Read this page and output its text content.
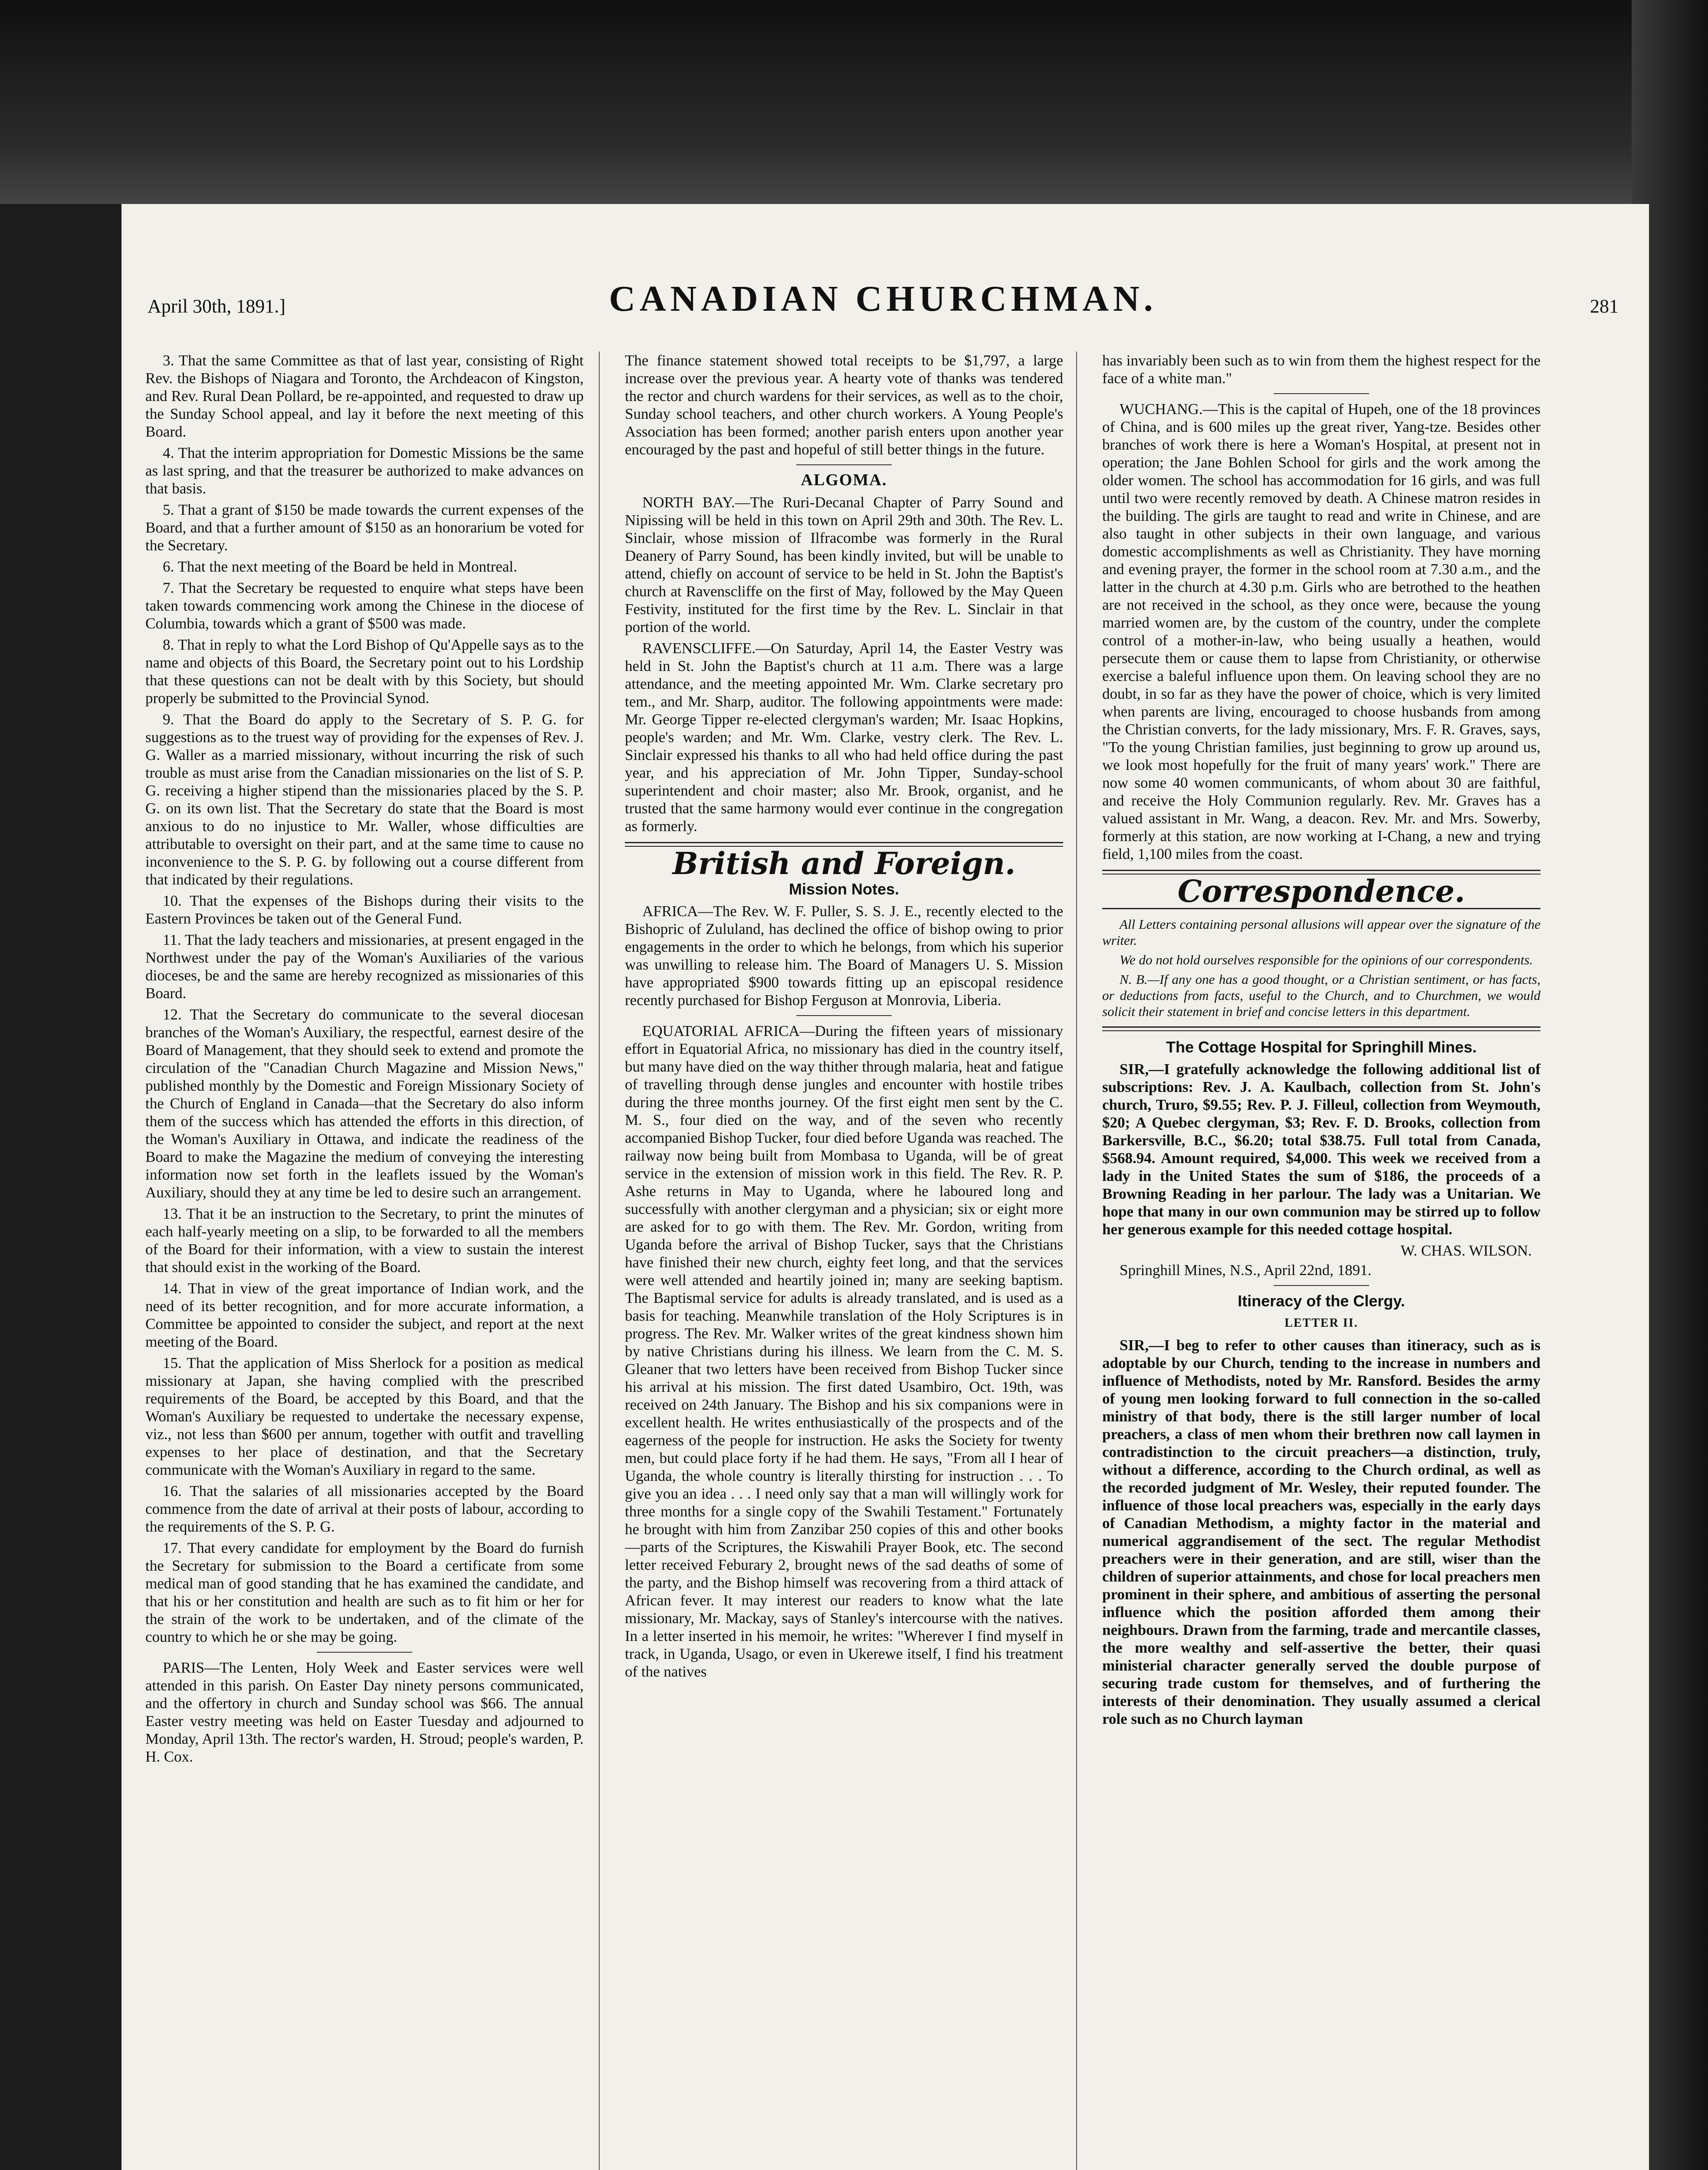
April 30th, 1891.]	CANADIAN CHURCHMAN.	281

3. That the same Committee as that of last year, consisting of Right Rev. the Bishops of Niagara and Toronto, the Archdeacon of Kingston, and Rev. Rural Dean Pollard, be re-appointed, and requested to draw up the Sunday School appeal, and lay it before the next meeting of this Board.

4. That the interim appropriation for Domestic Missions be the same as last spring, and that the treasurer be authorized to make advances on that basis.

5. That a grant of $150 be made towards the current expenses of the Board, and that a further amount of $150 as an honorarium be voted for the Secretary.

6. That the next meeting of the Board be held in Montreal.

7. That the Secretary be requested to enquire what steps have been taken towards commencing work among the Chinese in the diocese of Columbia, towards which a grant of $500 was made.

8. That in reply to what the Lord Bishop of Qu'Appelle says as to the name and objects of this Board, the Secretary point out to his Lordship that these questions can not be dealt with by this Society, but should properly be submitted to the Provincial Synod.

9. That the Board do apply to the Secretary of S. P. G. for suggestions as to the truest way of providing for the expenses of Rev. J. G. Waller as a married missionary, without incurring the risk of such trouble as must arise from the Canadian missionaries on the list of S. P. G. receiving a higher stipend than the missionaries placed by the S. P. G. on its own list. That the Secretary do state that the Board is most anxious to do no injustice to Mr. Waller, whose difficulties are attributable to oversight on their part, and at the same time to cause no inconvenience to the S. P. G. by following out a course different from that indicated by their regulations.

10. That the expenses of the Bishops during their visits to the Eastern Provinces be taken out of the General Fund.

11. That the lady teachers and missionaries, at present engaged in the Northwest under the pay of the Woman's Auxiliaries of the various dioceses, be and the same are hereby recognized as missionaries of this Board.

12. That the Secretary do communicate to the several diocesan branches of the Woman's Auxiliary, the respectful, earnest desire of the Board of Management, that they should seek to extend and promote the circulation of the "Canadian Church Magazine and Mission News," published monthly by the Domestic and Foreign Missionary Society of the Church of England in Canada—that the Secretary do also inform them of the success which has attended the efforts in this direction, of the Woman's Auxiliary in Ottawa, and indicate the readiness of the Board to make the Magazine the medium of conveying the interesting information now set forth in the leaflets issued by the Woman's Auxiliary, should they at any time be led to desire such an arrangement.

13. That it be an instruction to the Secretary, to print the minutes of each half-yearly meeting on a slip, to be forwarded to all the members of the Board for their information, with a view to sustain the interest that should exist in the working of the Board.

14. That in view of the great importance of Indian work, and the need of its better recognition, and for more accurate information, a Committee be appointed to consider the subject, and report at the next meeting of the Board.

15. That the application of Miss Sherlock for a position as medical missionary at Japan, she having complied with the prescribed requirements of the Board, be accepted by this Board, and that the Woman's Auxiliary be requested to undertake the necessary expense, viz., not less than $600 per annum, together with outfit and travelling expenses to her place of destination, and that the Secretary communicate with the Woman's Auxiliary in regard to the same.

16. That the salaries of all missionaries accepted by the Board commence from the date of arrival at their posts of labour, according to the requirements of the S. P. G.

17. That every candidate for employment by the Board do furnish the Secretary for submission to the Board a certificate from some medical man of good standing that he has examined the candidate, and that his or her constitution and health are such as to fit him or her for the strain of the work to be undertaken, and of the climate of the country to which he or she may be going.

PARIS—The Lenten, Holy Week and Easter services were well attended in this parish. On Easter Day ninety persons communicated, and the offertory in church and Sunday school was $66. The annual Easter vestry meeting was held on Easter Tuesday and adjourned to Monday, April 13th. The rector's warden, H. Stroud; people's warden, P. H. Cox.

The finance statement showed total receipts to be $1,797, a large increase over the previous year. A hearty vote of thanks was tendered the rector and church wardens for their services, as well as to the choir, Sunday school teachers, and other church workers. A Young People's Association has been formed; another parish enters upon another year encouraged by the past and hopeful of still better things in the future.

ALGOMA.

NORTH BAY.—The Ruri-Decanal Chapter of Parry Sound and Nipissing will be held in this town on April 29th and 30th. The Rev. L. Sinclair, whose mission of Ilfracombe was formerly in the Rural Deanery of Parry Sound, has been kindly invited, but will be unable to attend, chiefly on account of service to be held in St. John the Baptist's church at Ravenscliffe on the first of May, followed by the May Queen Festivity, instituted for the first time by the Rev. L. Sinclair in that portion of the world.

RAVENSCLIFFE.—On Saturday, April 14, the Easter Vestry was held in St. John the Baptist's church at 11 a.m. There was a large attendance, and the meeting appointed Mr. Wm. Clarke secretary pro tem., and Mr. Sharp, auditor. The following appointments were made: Mr. George Tipper re-elected clergyman's warden; Mr. Isaac Hopkins, people's warden; and Mr. Wm. Clarke, vestry clerk. The Rev. L. Sinclair expressed his thanks to all who had held office during the past year, and his appreciation of Mr. John Tipper, Sunday-school superintendent and choir master; also Mr. Brook, organist, and he trusted that the same harmony would ever continue in the congregation as formerly.

British and Foreign.
Mission Notes.

AFRICA—The Rev. W. F. Puller, S. S. J. E., recently elected to the Bishopric of Zululand, has declined the office of bishop owing to prior engagements in the order to which he belongs, from which his superior was unwilling to release him. The Board of Managers U. S. Mission have appropriated $900 towards fitting up an episcopal residence recently purchased for Bishop Ferguson at Monrovia, Liberia.

EQUATORIAL AFRICA—During the fifteen years of missionary effort in Equatorial Africa, no missionary has died in the country itself, but many have died on the way thither through malaria, heat and fatigue of travelling through dense jungles and encounter with hostile tribes during the three months journey. Of the first eight men sent by the C. M. S., four died on the way, and of the seven who recently accompanied Bishop Tucker, four died before Uganda was reached. The railway now being built from Mombasa to Uganda, will be of great service in the extension of mission work in this field. The Rev. R. P. Ashe returns in May to Uganda, where he laboured long and successfully with another clergyman and a physician; six or eight more are asked for to go with them. The Rev. Mr. Gordon, writing from Uganda before the arrival of Bishop Tucker, says that the Christians have finished their new church, eighty feet long, and that the services were well attended and heartily joined in; many are seeking baptism. The Baptismal service for adults is already translated, and is used as a basis for teaching. Meanwhile translation of the Holy Scriptures is in progress. The Rev. Mr. Walker writes of the great kindness shown him by native Christians during his illness. We learn from the C. M. S. Gleaner that two letters have been received from Bishop Tucker since his arrival at his mission. The first dated Usambiro, Oct. 19th, was received on 24th January. The Bishop and his six companions were in excellent health. He writes enthusiastically of the prospects and of the eagerness of the people for instruction. He asks the Society for twenty men, but could place forty if he had them. He says, "From all I hear of Uganda, the whole country is literally thirsting for instruction . . . To give you an idea . . . I need only say that a man will willingly work for three months for a single copy of the Swahili Testament." Fortunately he brought with him from Zanzibar 250 copies of this and other books—parts of the Scriptures, the Kiswahili Prayer Book, etc. The second letter received Feburary 2, brought news of the sad deaths of some of the party, and the Bishop himself was recovering from a third attack of African fever. It may interest our readers to know what the late missionary, Mr. Mackay, says of Stanley's intercourse with the natives. In a letter inserted in his memoir, he writes: "Wherever I find myself in track, in Uganda, Usago, or even in Ukerewe itself, I find his treatment of the natives

has invariably been such as to win from them the highest respect for the face of a white man."

WUCHANG.—This is the capital of Hupeh, one of the 18 provinces of China, and is 600 miles up the great river, Yang-tze. Besides other branches of work there is here a Woman's Hospital, at present not in operation; the Jane Bohlen School for girls and the work among the older women. The school has accommodation for 16 girls, and was full until two were recently removed by death. A Chinese matron resides in the building. The girls are taught to read and write in Chinese, and are also taught in other subjects in their own language, and various domestic accomplishments as well as Christianity. They have morning and evening prayer, the former in the school room at 7.30 a.m., and the latter in the church at 4.30 p.m. Girls who are betrothed to the heathen are not received in the school, as they once were, because the young married women are, by the custom of the country, under the complete control of a mother-in-law, who being usually a heathen, would persecute them or cause them to lapse from Christianity, or otherwise exercise a baleful influence upon them. On leaving school they are no doubt, in so far as they have the power of choice, which is very limited when parents are living, encouraged to choose husbands from among the Christian converts, for the lady missionary, Mrs. F. R. Graves, says, "To the young Christian families, just beginning to grow up around us, we look most hopefully for the fruit of many years' work." There are now some 40 women communicants, of whom about 30 are faithful, and receive the Holy Communion regularly. Rev. Mr. Graves has a valued assistant in Mr. Wang, a deacon. Rev. Mr. and Mrs. Sowerby, formerly at this station, are now working at I-Chang, a new and trying field, 1,100 miles from the coast.

Correspondence.

All Letters containing personal allusions will appear over the signature of the writer.

We do not hold ourselves responsible for the opinions of our correspondents.

N. B.—If any one has a good thought, or a Christian sentiment, or has facts, or deductions from facts, useful to the Church, and to Churchmen, we would solicit their statement in brief and concise letters in this department.

The Cottage Hospital for Springhill Mines.

SIR,—I gratefully acknowledge the following additional list of subscriptions: Rev. J. A. Kaulbach, collection from St. John's church, Truro, $9.55; Rev. P. J. Filleul, collection from Weymouth, $20; A Quebec clergyman, $3; Rev. F. D. Brooks, collection from Barkersville, B.C., $6.20; total $38.75. Full total from Canada, $568.94. Amount required, $4,000. This week we received from a lady in the United States the sum of $186, the proceeds of a Browning Reading in her parlour. The lady was a Unitarian. We hope that many in our own communion may be stirred up to follow her generous example for this needed cottage hospital.

W. CHAS. WILSON.

Springhill Mines, N.S., April 22nd, 1891.

Itineracy of the Clergy.
LETTER II.

SIR,—I beg to refer to other causes than itineracy, such as is adoptable by our Church, tending to the increase in numbers and influence of Methodists, noted by Mr. Ransford. Besides the army of young men looking forward to full connection in the so-called ministry of that body, there is the still larger number of local preachers, a class of men whom their brethren now call laymen in contradistinction to the circuit preachers—a distinction, truly, without a difference, according to the Church ordinal, as well as the recorded judgment of Mr. Wesley, their reputed founder. The influence of those local preachers was, especially in the early days of Canadian Methodism, a mighty factor in the material and numerical aggrandisement of the sect. The regular Methodist preachers were in their generation, and are still, wiser than the children of superior attainments, and chose for local preachers men prominent in their sphere, and ambitious of asserting the personal influence which the position afforded them among their neighbours. Drawn from the farming, trade and mercantile classes, the more wealthy and self-assertive the better, their quasi ministerial character generally served the double purpose of securing trade custom for themselves, and of furthering the interests of their denomination. They usually assumed a clerical role such as no Church layman
